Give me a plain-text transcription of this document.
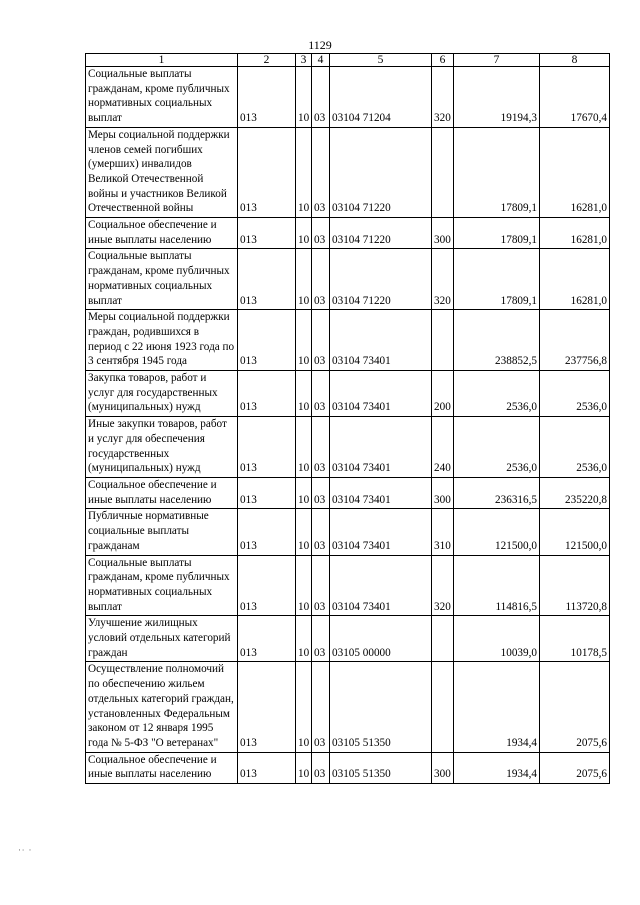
1129
1	2	3	4	5	6	7	8
Социальные выплаты гражданам, кроме публичных нормативных социальных выплат	013	10	03	03104 71204	320	19194,3	17670,4
Меры социальной поддержки членов семей погибших (умерших) инвалидов Великой Отечественной войны и участников Великой Отечественной войны	013	10	03	03104 71220		17809,1	16281,0
Социальное обеспечение и иные выплаты населению	013	10	03	03104 71220	300	17809,1	16281,0
Социальные выплаты гражданам, кроме публичных нормативных социальных выплат	013	10	03	03104 71220	320	17809,1	16281,0
Меры социальной поддержки граждан, родившихся в период с 22 июня 1923 года по 3 сентября 1945 года	013	10	03	03104 73401		238852,5	237756,8
Закупка товаров, работ и услуг для государственных (муниципальных) нужд	013	10	03	03104 73401	200	2536,0	2536,0
Иные закупки товаров, работ и услуг для обеспечения государственных (муниципальных) нужд	013	10	03	03104 73401	240	2536,0	2536,0
Социальное обеспечение и иные выплаты населению	013	10	03	03104 73401	300	236316,5	235220,8
Публичные нормативные социальные выплаты гражданам	013	10	03	03104 73401	310	121500,0	121500,0
Социальные выплаты гражданам, кроме публичных нормативных социальных выплат	013	10	03	03104 73401	320	114816,5	113720,8
Улучшение жилищных условий отдельных категорий граждан	013	10	03	03105 00000		10039,0	10178,5
Осуществление полномочий по обеспечению жильем отдельных категорий граждан, установленных Федеральным законом от 12 января 1995 года № 5-ФЗ "О ветеранах"	013	10	03	03105 51350		1934,4	2075,6
Социальное обеспечение и иные выплаты населению	013	10	03	03105 51350	300	1934,4	2075,6
·∙ ·
